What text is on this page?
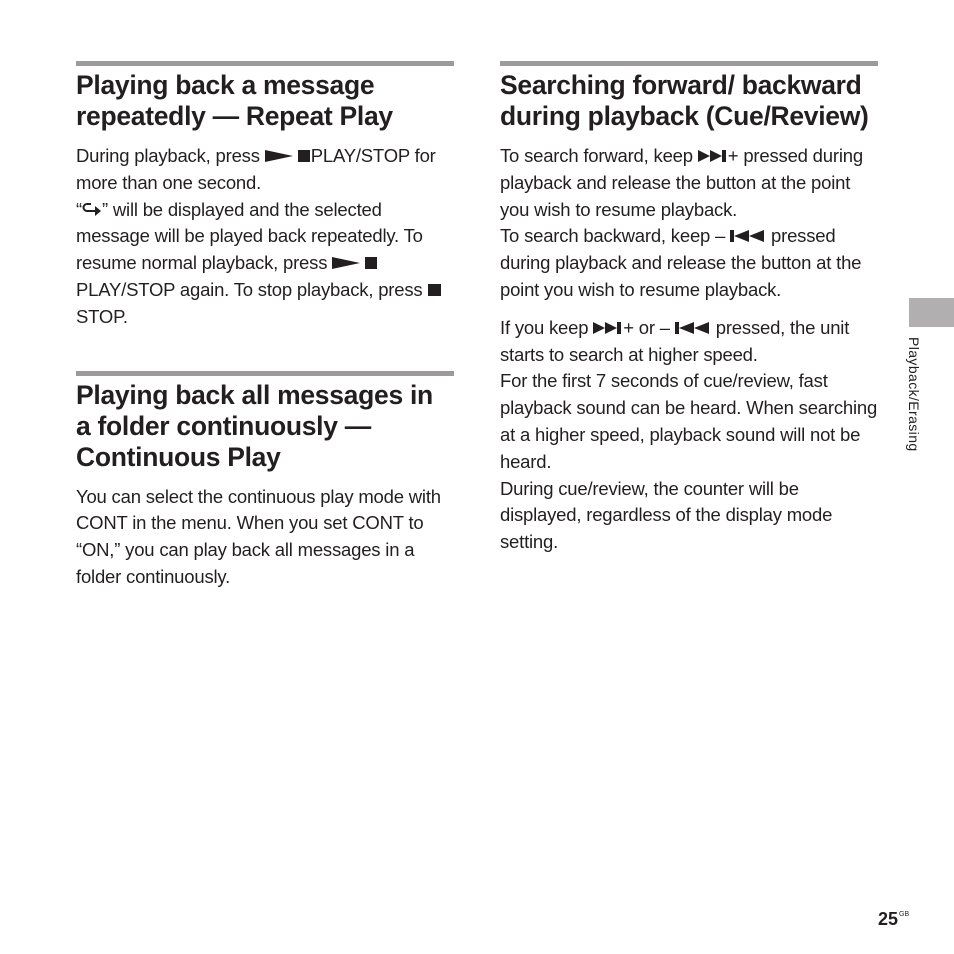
Playing back a message repeatedly — Repeat Play

During playback, press
PLAY/STOP for more than one second.
“ ” will be displayed and the selected message will be played back repeatedly. To resume normal playback, press
PLAY/STOP again. To stop playback, press
STOP.

Playing back all messages in a folder continuously — Continuous Play

You can select the continuous play mode with CONT in the menu. When you set CONT to “ON,” you can play back all messages in a folder continuously.

Searching forward/ backward during playback (Cue/Review)

To search forward, keep
+ pressed during playback and release the button at the point you wish to resume playback.
To search backward, keep –
pressed during playback and release the button at the point you wish to resume playback.

If you keep
+ or –
pressed, the unit starts to search at higher speed.
For the first 7 seconds of cue/review, fast playback sound can be heard. When searching at a higher speed, playback sound will not be heard.
During cue/review, the counter will be displayed, regardless of the display mode setting.

Playback/Erasing
$25^{GB}$
